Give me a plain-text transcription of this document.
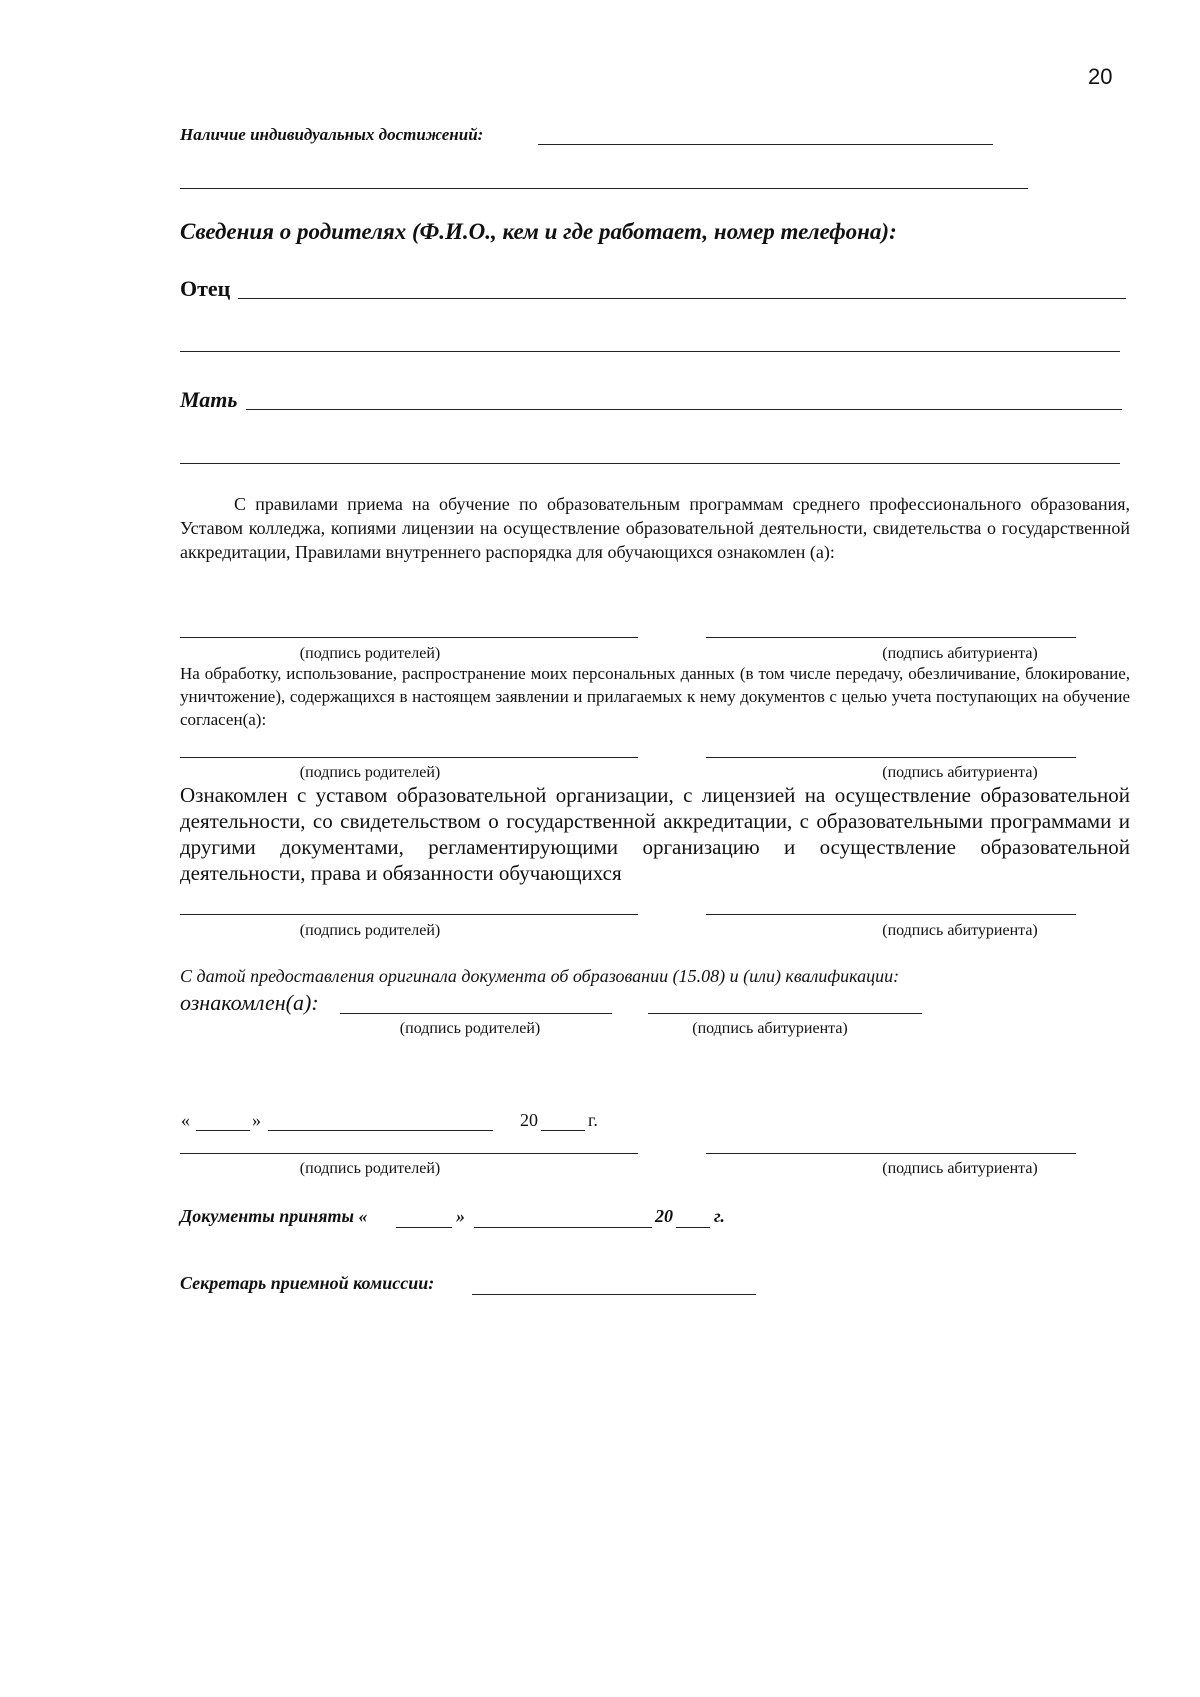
20
Наличие индивидуальных достижений:
Сведения о родителях (Ф.И.О., кем и где работает, номер телефона):
Отец
Мать
С правилами приема на обучение по образовательным программам среднего профессионального образования, Уставом колледжа, копиями лицензии на осуществление образовательной деятельности, свидетельства о государственной аккредитации, Правилами внутреннего распорядка для обучающихся ознакомлен (а):
(подпись родителей)	(подпись абитуриента)
На обработку, использование, распространение моих персональных данных (в том числе передачу, обезличивание, блокирование, уничтожение), содержащихся в настоящем заявлении и прилагаемых к нему документов с целью учета поступающих на обучение согласен(а):
(подпись родителей)	(подпись абитуриента)
Ознакомлен с уставом образовательной организации, с лицензией на осуществление образовательной деятельности, со свидетельством о государственной аккредитации, с образовательными программами и другими документами, регламентирующими организацию и осуществление образовательной деятельности, права и обязанности обучающихся
(подпись родителей)	(подпись абитуриента)
С датой предоставления оригинала документа об образовании (15.08) и (или) квалификации:
ознакомлен(а):
(подпись родителей)	(подпись абитуриента)
«	»	20	г.
(подпись родителей)	(подпись абитуриента)
Документы приняты «	»	20 г.
Секретарь приемной комиссии:
